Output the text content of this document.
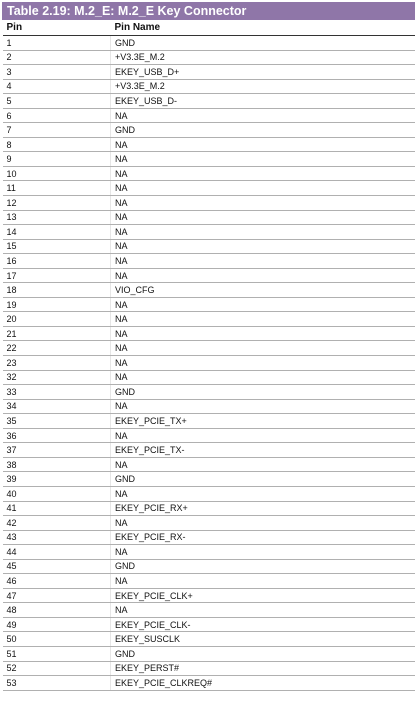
Table 2.19: M.2_E: M.2_E Key Connector	
Pin	Pin Name
1	GND
2	+V3.3E_M.2
3	EKEY_USB_D+
4	+V3.3E_M.2
5	EKEY_USB_D-
6	NA
7	GND
8	NA
9	NA
10	NA
11	NA
12	NA
13	NA
14	NA
15	NA
16	NA
17	NA
18	VIO_CFG
19	NA
20	NA
21	NA
22	NA
23	NA
32	NA
33	GND
34	NA
35	EKEY_PCIE_TX+
36	NA
37	EKEY_PCIE_TX-
38	NA
39	GND
40	NA
41	EKEY_PCIE_RX+
42	NA
43	EKEY_PCIE_RX-
44	NA
45	GND
46	NA
47	EKEY_PCIE_CLK+
48	NA
49	EKEY_PCIE_CLK-
50	EKEY_SUSCLK
51	GND
52	EKEY_PERST#
53	EKEY_PCIE_CLKREQ#
